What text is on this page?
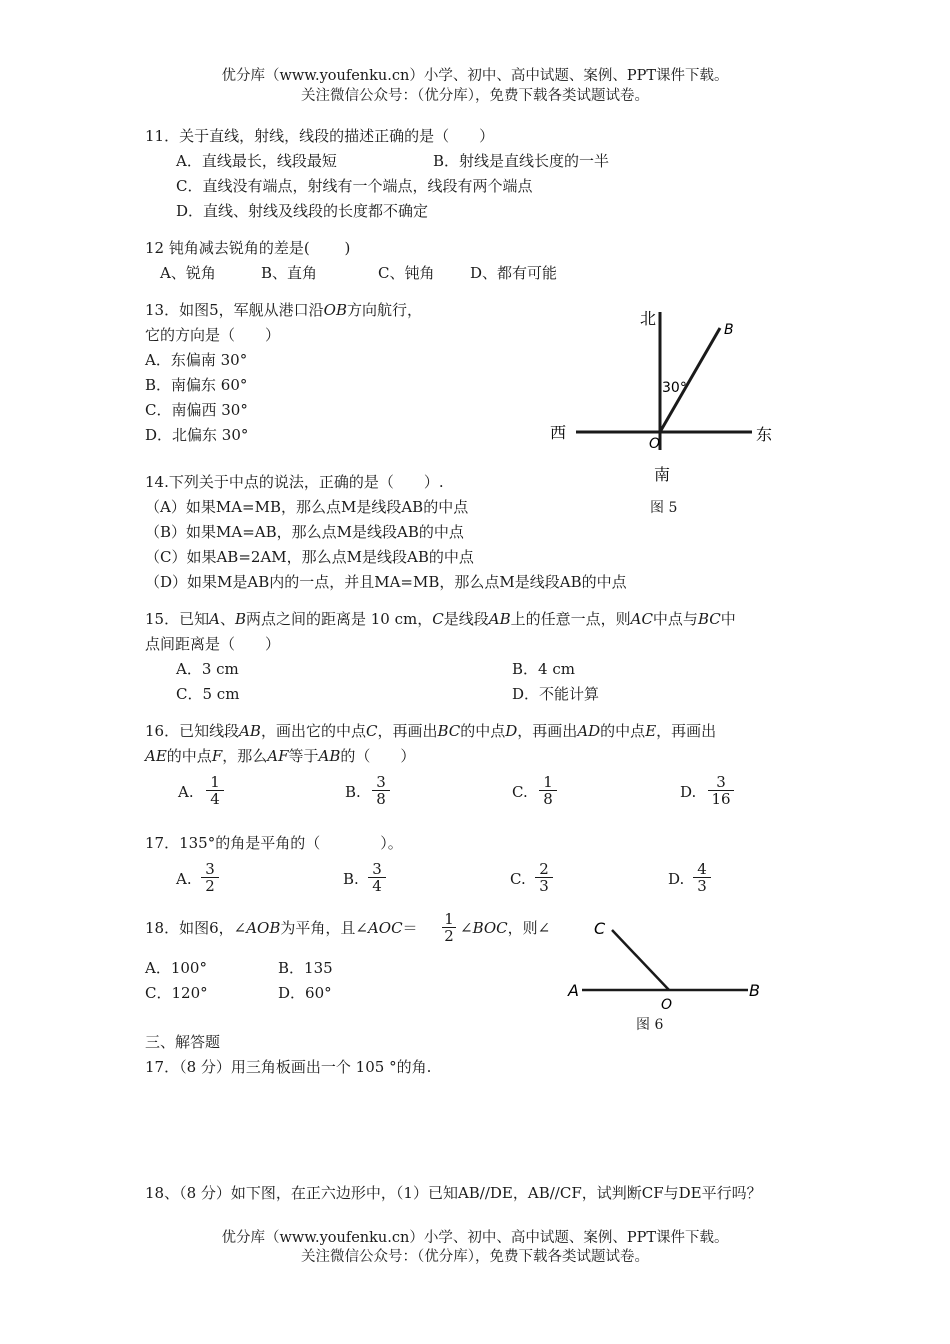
优分库（www.youfenku.cn）小学、初中、高中试题、案例、PPT课件下载。
关注微信公众号：（优分库），免费下载各类试题试卷。
11．关于直线，射线，线段的描述正确的是（　　）
A．直线最长，线段最短	B．射线是直线长度的一半
C．直线没有端点，射线有一个端点，线段有两个端点
D．直线、射线及线段的长度都不确定
12 钝角减去锐角的差是(　　 )
A、锐角	B、直角	C、钝角 D、都有可能
13．如图5，军舰从港口沿OB方向航行，
它的方向是（　　）
A．东偏南 30°
B．南偏东 60°
C．南偏西 30°
D．北偏东 30°
北
南
西	东
O
B
30°
图 5
14.下列关于中点的说法，正确的是（　　）.
（A）如果MA=MB，那么点M是线段AB的中点
（B）如果MA=AB，那么点M是线段AB的中点
（C）如果AB=2AM，那么点M是线段AB的中点
（D）如果M是AB内的一点，并且MA=MB，那么点M是线段AB的中点
15．已知A、B两点之间的距离是 10 cm，C是线段AB上的任意一点，则AC中点与BC中
点间距离是（　　）
A．3 cm	B．4 cm
C．5 cm	D．不能计算
16．已知线段AB，画出它的中点C，再画出BC的中点D，再画出AD的中点E，再画出
AE的中点F，那么AF等于AB的（　　）
A. $\frac{1}{4}$	B. $\frac{3}{8}$	C. $\frac{1}{8}$	D. $\frac{3}{16}$
17．135°的角是平角的（　　　　）。
A. $\frac{3}{2}$	B. $\frac{3}{4}$	C. $\frac{2}{3}$	D. $\frac{4}{3}$
18．如图6，∠AOB为平角，且∠AOC＝ $\frac{1}{2}$ ∠BOC，则∠
A．100°	B．135
C．120°	D．60°	A
O
B
C
图 6
三、解答题
17．（8 分）用三角板画出一个 105 °的角.
18、（8 分）如下图，在正六边形中，（1）已知AB//DE，AB//CF，试判断CF与DE平行吗？
优分库（www.youfenku.cn）小学、初中、高中试题、案例、PPT课件下载。
关注微信公众号：（优分库），免费下载各类试题试卷。
